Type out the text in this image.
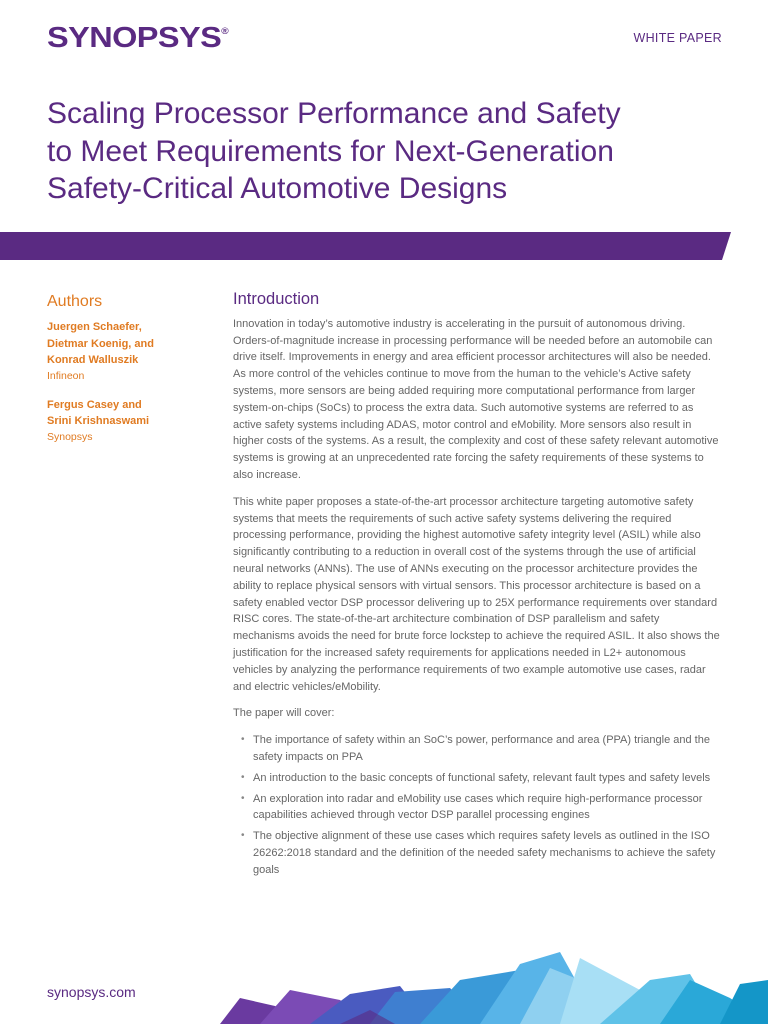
SYNOPSYS®	WHITE PAPER
Scaling Processor Performance and Safety
to Meet Requirements for Next-Generation
Safety-Critical Automotive Designs
Authors
Juergen Schaefer,
Dietmar Koenig, and
Konrad Walluszik
Infineon
Fergus Casey and
Srini Krishnaswami
Synopsys
Introduction

Innovation in today’s automotive industry is accelerating in the pursuit of autonomous driving. Orders-of-magnitude increase in processing performance will be needed before an automobile can drive itself. Improvements in energy and area efficient processor architectures will also be needed. As more control of the vehicles continue to move from the human to the vehicle’s Active safety systems, more sensors are being added requiring more computational performance from larger system-on-chips (SoCs) to process the extra data. Such automotive systems are referred to as active safety systems including ADAS, motor control and eMobility. More sensors also result in higher costs of the systems. As a result, the complexity and cost of these safety relevant automotive systems is growing at an unprecedented rate forcing the safety requirements of these systems to also increase.

This white paper proposes a state-of-the-art processor architecture targeting automotive safety systems that meets the requirements of such active safety systems delivering the required processing performance, providing the highest automotive safety integrity level (ASIL) while also significantly contributing to a reduction in overall cost of the systems through the use of artificial neural networks (ANNs). The use of ANNs executing on the processor architecture provides the ability to replace physical sensors with virtual sensors. This processor architecture is based on a safety enabled vector DSP processor delivering up to 25X performance requirements over standard RISC cores. The state-of-the-art architecture combination of DSP parallelism and safety mechanisms avoids the need for brute force lockstep to achieve the required ASIL. It also shows the justification for the increased safety requirements for applications needed in L2+ autonomous vehicles by analyzing the performance requirements of two example automotive use cases, radar and electric vehicles/eMobility.

The paper will cover:

• The importance of safety within an SoC’s power, performance and area (PPA) triangle and the safety impacts on PPA
• An introduction to the basic concepts of functional safety, relevant fault types and safety levels
• An exploration into radar and eMobility use cases which require high-performance processor capabilities achieved through vector DSP parallel processing engines
• The objective alignment of these use cases which requires safety levels as outlined in the ISO 26262:2018 standard and the definition of the needed safety mechanisms to achieve the safety goals
synopsys.com
